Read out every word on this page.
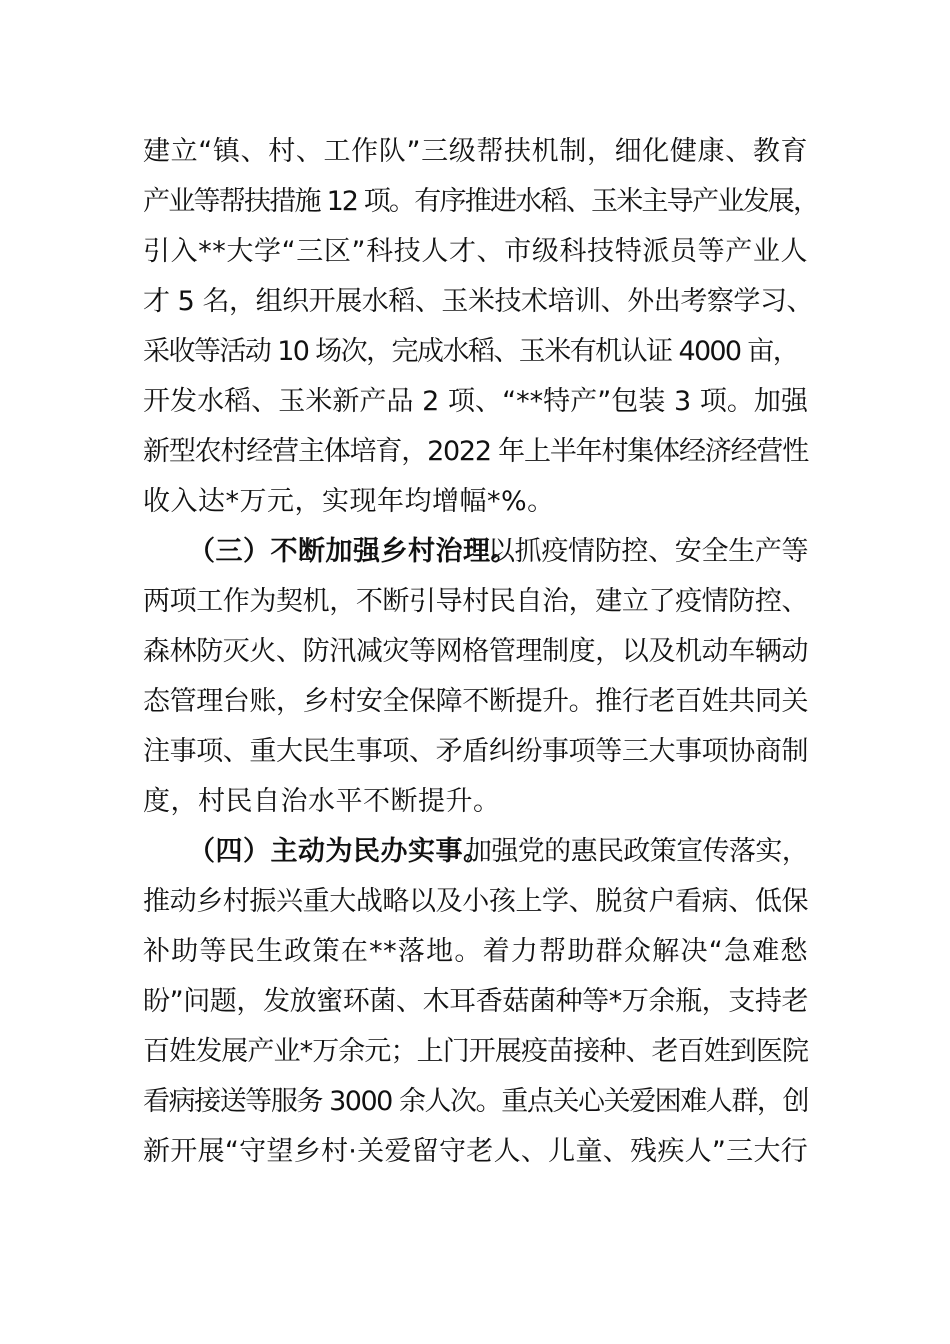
建立“镇、村、工作队”三级帮扶机制，细化健康、教育
产业等帮扶措施 12 项。有序推进水稻、玉米主导产业发展，
引入**大学“三区”科技人才、市级科技特派员等产业人
才 5 名，组织开展水稻、玉米技术培训、外出考察学习、
采收等活动 10 场次，完成水稻、玉米有机认证 4000 亩，
开发水稻、玉米新产品 2 项、“**特产”包装 3 项。加强
新型农村经营主体培育，2022 年上半年村集体经济经营性
收入达*万元，实现年均增幅*%。
（三）不断加强乡村治理。
以抓疫情防控、安全生产等
两项工作为契机，不断引导村民自治，建立了疫情防控、
森林防灭火、防汛减灾等网格管理制度，以及机动车辆动
态管理台账，乡村安全保障不断提升。推行老百姓共同关
注事项、重大民生事项、矛盾纠纷事项等三大事项协商制
度，村民自治水平不断提升。
（四）主动为民办实事。
加强党的惠民政策宣传落实，
推动乡村振兴重大战略以及小孩上学、脱贫户看病、低保
补助等民生政策在**落地。着力帮助群众解决“急难愁
盼”问题，发放蜜环菌、木耳香菇菌种等*万余瓶，支持老
百姓发展产业*万余元；上门开展疫苗接种、老百姓到医院
看病接送等服务 3000 余人次。重点关心关爱困难人群，创
新开展“守望乡村·关爱留守老人、儿童、残疾人”三大行
